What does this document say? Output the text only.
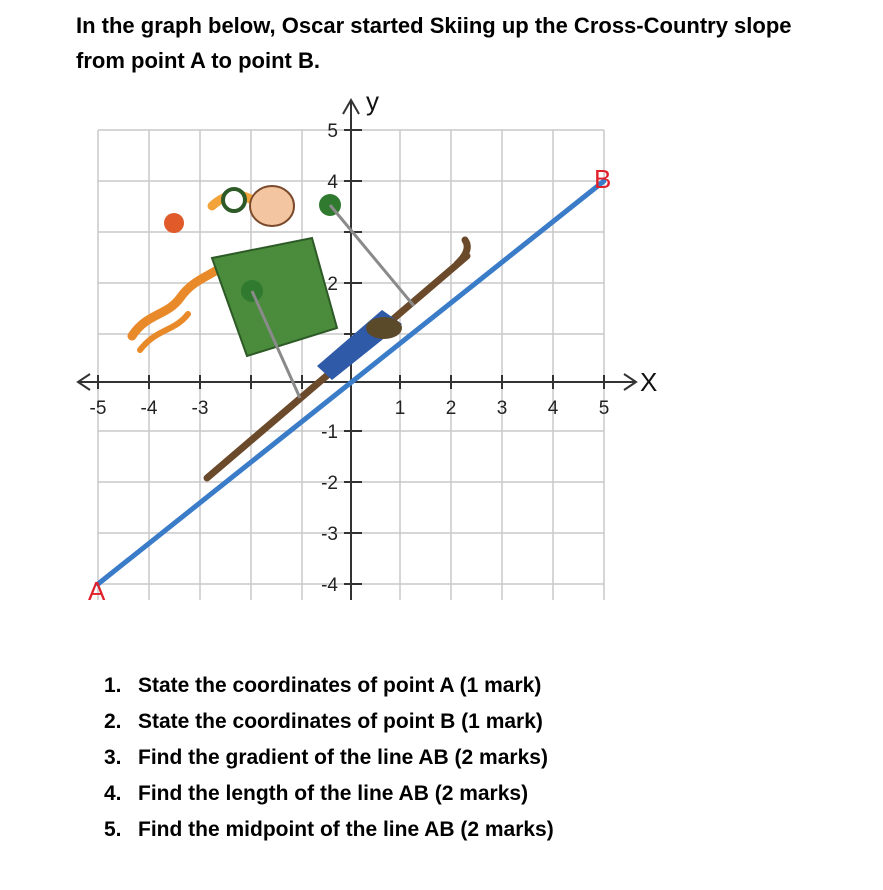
In the graph below, Oscar started Skiing up the Cross-Country slope
from point A to point B.

-5 -4 -3	1 2 3 4 5
5
4
2
-1
-2
-3
-4
y
X
A
B
1. State the coordinates of point A (1 mark)
2. State the coordinates of point B (1 mark)
3. Find the gradient of the line AB (2 marks)
4. Find the length of the line AB (2 marks)
5. Find the midpoint of the line AB (2 marks)
